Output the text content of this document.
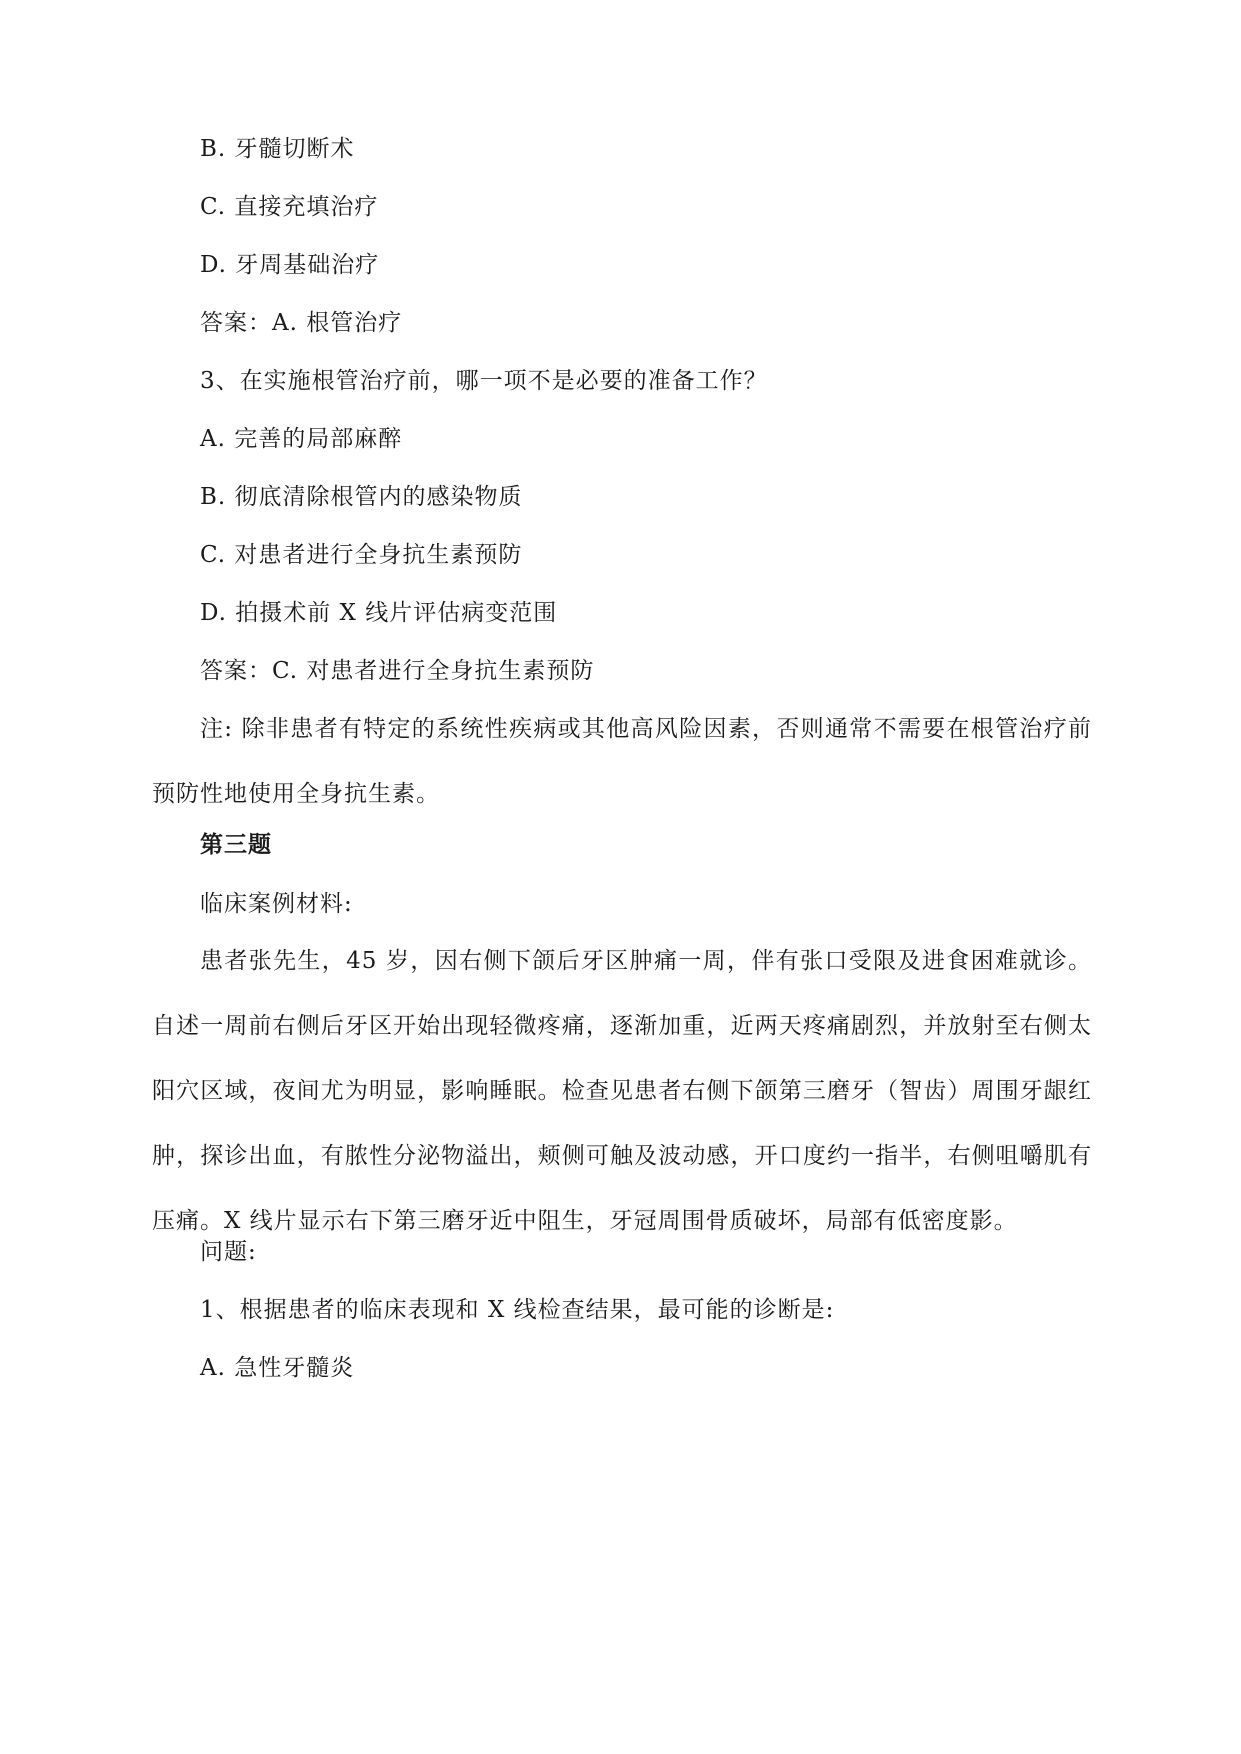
B. 牙髓切断术
C. 直接充填治疗
D. 牙周基础治疗
答案：A. 根管治疗
3、在实施根管治疗前，哪一项不是必要的准备工作？
A. 完善的局部麻醉
B. 彻底清除根管内的感染物质
C. 对患者进行全身抗生素预防
D. 拍摄术前 X 线片评估病变范围
答案：C. 对患者进行全身抗生素预防

注: 除非患者有特定的系统性疾病或其他高风险因素，否则通常不需要在根管治疗前预防性地使用全身抗生素。

第三题
临床案例材料:

患者张先生，45 岁，因右侧下颌后牙区肿痛一周，伴有张口受限及进食困难就诊。自述一周前右侧后牙区开始出现轻微疼痛，逐渐加重，近两天疼痛剧烈，并放射至右侧太阳穴区域，夜间尤为明显，影响睡眠。检查见患者右侧下颌第三磨牙（智齿）周围牙龈红肿，探诊出血，有脓性分泌物溢出，颊侧可触及波动感，开口度约一指半，右侧咀嚼肌有压痛。X 线片显示右下第三磨牙近中阻生，牙冠周围骨质破坏，局部有低密度影。

问题:
1、根据患者的临床表现和 X 线检查结果，最可能的诊断是:
A. 急性牙髓炎
